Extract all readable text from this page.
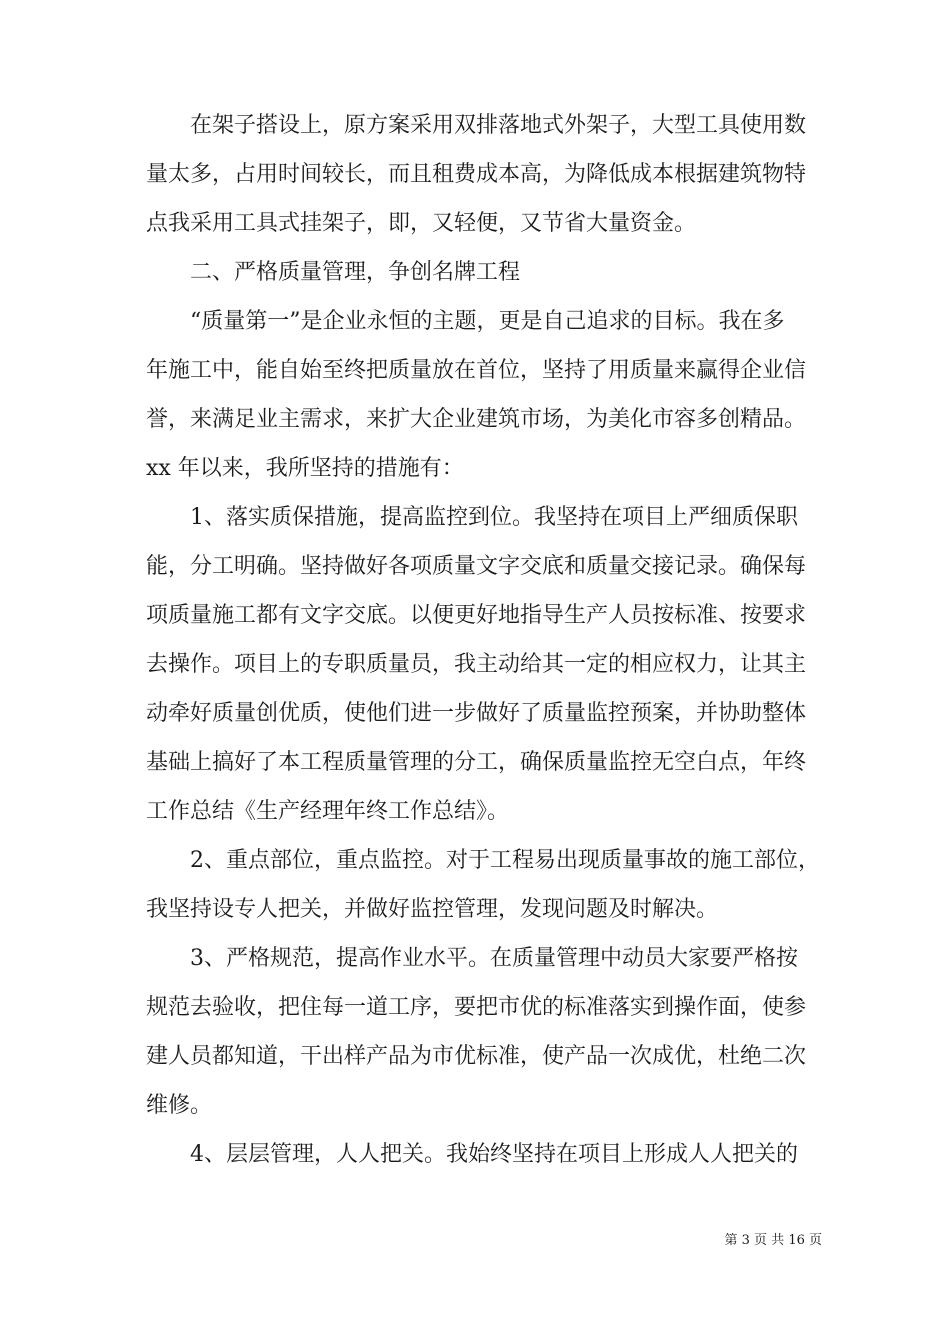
在架子搭设上，原方案采用双排落地式外架子，大型工具使用数
量太多，占用时间较长，而且租费成本高，为降低成本根据建筑物特
点我采用工具式挂架子，即，又轻便，又节省大量资金。
二、严格质量管理，争创名牌工程
“质量第一”是企业永恒的主题，更是自己追求的目标。我在多
年施工中，能自始至终把质量放在首位，坚持了用质量来赢得企业信
誉，来满足业主需求，来扩大企业建筑市场，为美化市容多创精品。
xx 年以来，我所坚持的措施有：
1、落实质保措施，提高监控到位。我坚持在项目上严细质保职
能，分工明确。坚持做好各项质量文字交底和质量交接记录。确保每
项质量施工都有文字交底。以便更好地指导生产人员按标准、按要求
去操作。项目上的专职质量员，我主动给其一定的相应权力，让其主
动牵好质量创优质，使他们进一步做好了质量监控预案，并协助整体
基础上搞好了本工程质量管理的分工，确保质量监控无空白点，年终
工作总结《生产经理年终工作总结》。
2、重点部位，重点监控。对于工程易出现质量事故的施工部位，
我坚持设专人把关，并做好监控管理，发现问题及时解决。
3、严格规范，提高作业水平。在质量管理中动员大家要严格按
规范去验收，把住每一道工序，要把市优的标准落实到操作面，使参
建人员都知道，干出样产品为市优标准，使产品一次成优，杜绝二次
维修。
4、层层管理，人人把关。我始终坚持在项目上形成人人把关的
第 3 页 共 16 页
